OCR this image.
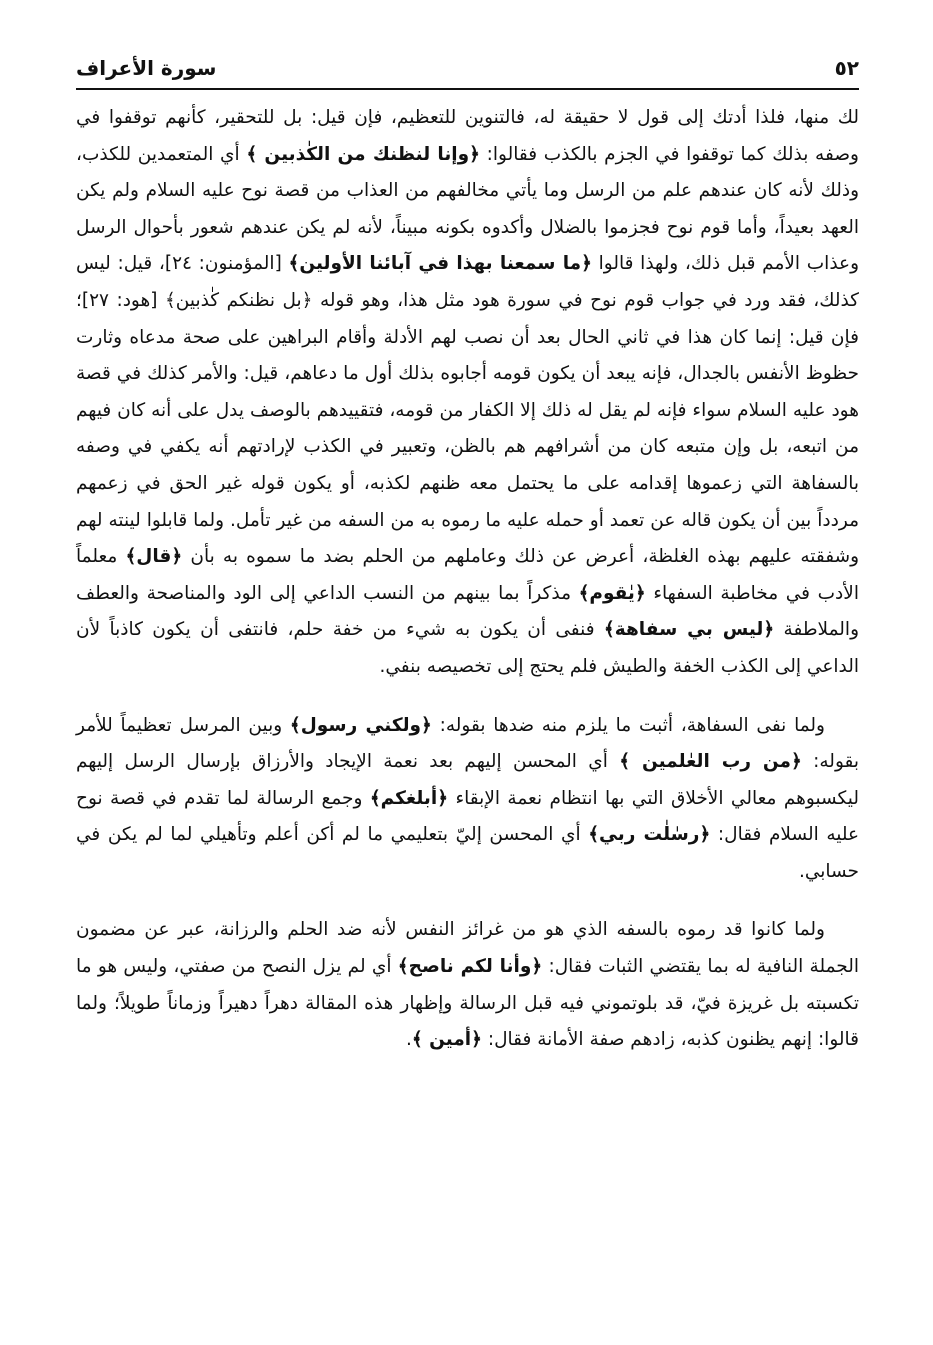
٥٢
سورة الأعراف

لك منها، فلذا أدتك إلى قول لا حقيقة له، فالتنوين للتعظيم، فإن قيل: بل للتحقير، كأنهم توقفوا في وصفه بذلك كما توقفوا في الجزم بالكذب فقالوا: ﴿وإنا لنظنك من الكٰذبين ﴾ أي المتعمدين للكذب، وذلك لأنه كان عندهم علم من الرسل وما يأتي مخالفهم من العذاب من قصة نوح عليه السلام ولم يكن العهد بعيداً، وأما قوم نوح فجزموا بالضلال وأكدوه بكونه مبيناً، لأنه لم يكن عندهم شعور بأحوال الرسل وعذاب الأمم قبل ذلك، ولهذا قالوا ﴿ما سمعنا بهذا في آبائنا الأولين﴾ [المؤمنون: ٢٤]، قيل: ليس كذلك، فقد ورد في جواب قوم نوح في سورة هود مثل هذا، وهو قوله ﴿بل نظنكم كٰذبين﴾ [هود: ٢٧]؛ فإن قيل: إنما كان هذا في ثاني الحال بعد أن نصب لهم الأدلة وأقام البراهين على صحة مدعاه وثارت حظوظ الأنفس بالجدال، فإنه يبعد أن يكون قومه أجابوه بذلك أول ما دعاهم، قيل: والأمر كذلك في قصة هود عليه السلام سواء فإنه لم يقل له ذلك إلا الكفار من قومه، فتقييدهم بالوصف يدل على أنه كان فيهم من اتبعه، بل وإن متبعه كان من أشرافهم هم بالظن، وتعبير في الكذب لإرادتهم أنه يكفي في وصفه بالسفاهة التي زعموها إقدامه على ما يحتمل معه ظنهم لكذبه، أو يكون قوله غير الحق في زعمهم مردداً بين أن يكون قاله عن تعمد أو حمله عليه ما رموه به من السفه من غير تأمل. ولما قابلوا لينته لهم وشفقته عليهم بهذه الغلظة، أعرض عن ذلك وعاملهم من الحلم بضد ما سموه به بأن ﴿قال﴾ معلماً الأدب في مخاطبة السفهاء ﴿يٰقوم﴾ مذكراً بما بينهم من النسب الداعي إلى الود والمناصحة والعطف والملاطفة ﴿ليس بي سفاهة﴾ فنفى أن يكون به شيء من خفة حلم، فانتفى أن يكون كاذباً لأن الداعي إلى الكذب الخفة والطيش فلم يحتج إلى تخصيصه بنفي.

ولما نفى السفاهة، أثبت ما يلزم منه ضدها بقوله: ﴿ولكني رسول﴾ وبين المرسل تعظيماً للأمر بقوله: ﴿من رب العٰلمين ﴾ أي المحسن إليهم بعد نعمة الإيجاد والأرزاق بإرسال الرسل إليهم ليكسبوهم معالي الأخلاق التي بها انتظام نعمة الإبقاء ﴿أبلغكم﴾ وجمع الرسالة لما تقدم في قصة نوح عليه السلام فقال: ﴿رسٰلٰت ربي﴾ أي المحسن إليّ بتعليمي ما لم أكن أعلم وتأهيلي لما لم يكن في حسابي.

ولما كانوا قد رموه بالسفه الذي هو من غرائز النفس لأنه ضد الحلم والرزانة، عبر عن مضمون الجملة النافية له بما يقتضي الثبات فقال: ﴿وأنا لكم ناصح﴾ أي لم يزل النصح من صفتي، وليس هو ما تكسبته بل غريزة فيّ، قد بلوتموني فيه قبل الرسالة وإظهار هذه المقالة دهراً دهيراً وزماناً طويلاً؛ ولما قالوا: إنهم يظنون كذبه، زادهم صفة الأمانة فقال: ﴿أمين ﴾.
